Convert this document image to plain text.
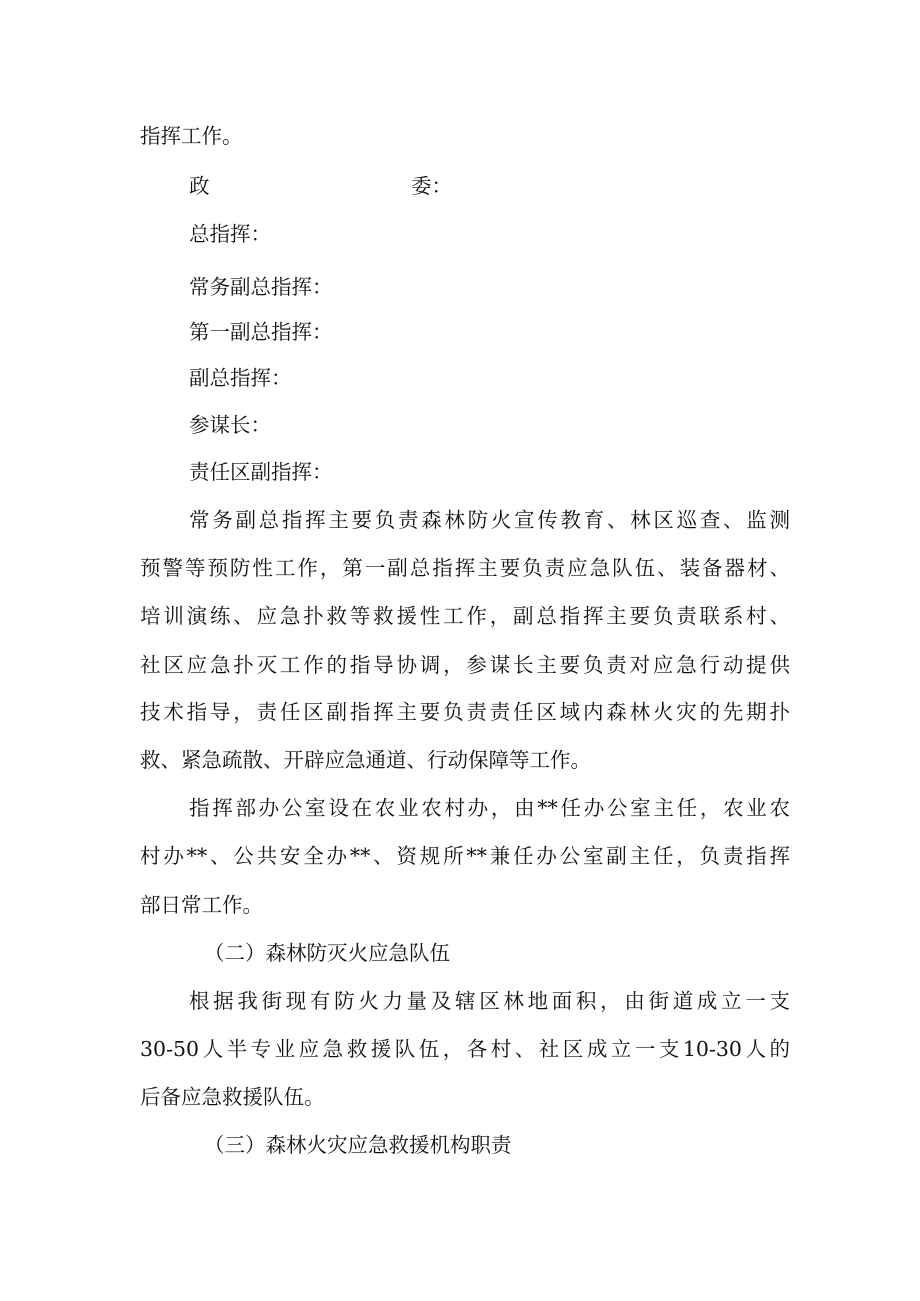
指挥工作。
政	委：
总指挥：
常务副总指挥：
第一副总指挥：
副总指挥：
参谋长：
责任区副指挥：
常务副总指挥主要负责森林防火宣传教育、林区巡查、监测
预警等预防性工作，第一副总指挥主要负责应急队伍、装备器材、
培训演练、应急扑救等救援性工作，副总指挥主要负责联系村、
社区应急扑灭工作的指导协调，参谋长主要负责对应急行动提供
技术指导，责任区副指挥主要负责责任区域内森林火灾的先期扑
救、紧急疏散、开辟应急通道、行动保障等工作。
指挥部办公室设在农业农村办，由**任办公室主任，农业农
村办**、公共安全办**、资规所**兼任办公室副主任，负责指挥
部日常工作。
（二）森林防灭火应急队伍
根据我街现有防火力量及辖区林地面积，由街道成立一支
30-50人半专业应急救援队伍，各村、社区成立一支10-30人的
后备应急救援队伍。
（三）森林火灾应急救援机构职责
